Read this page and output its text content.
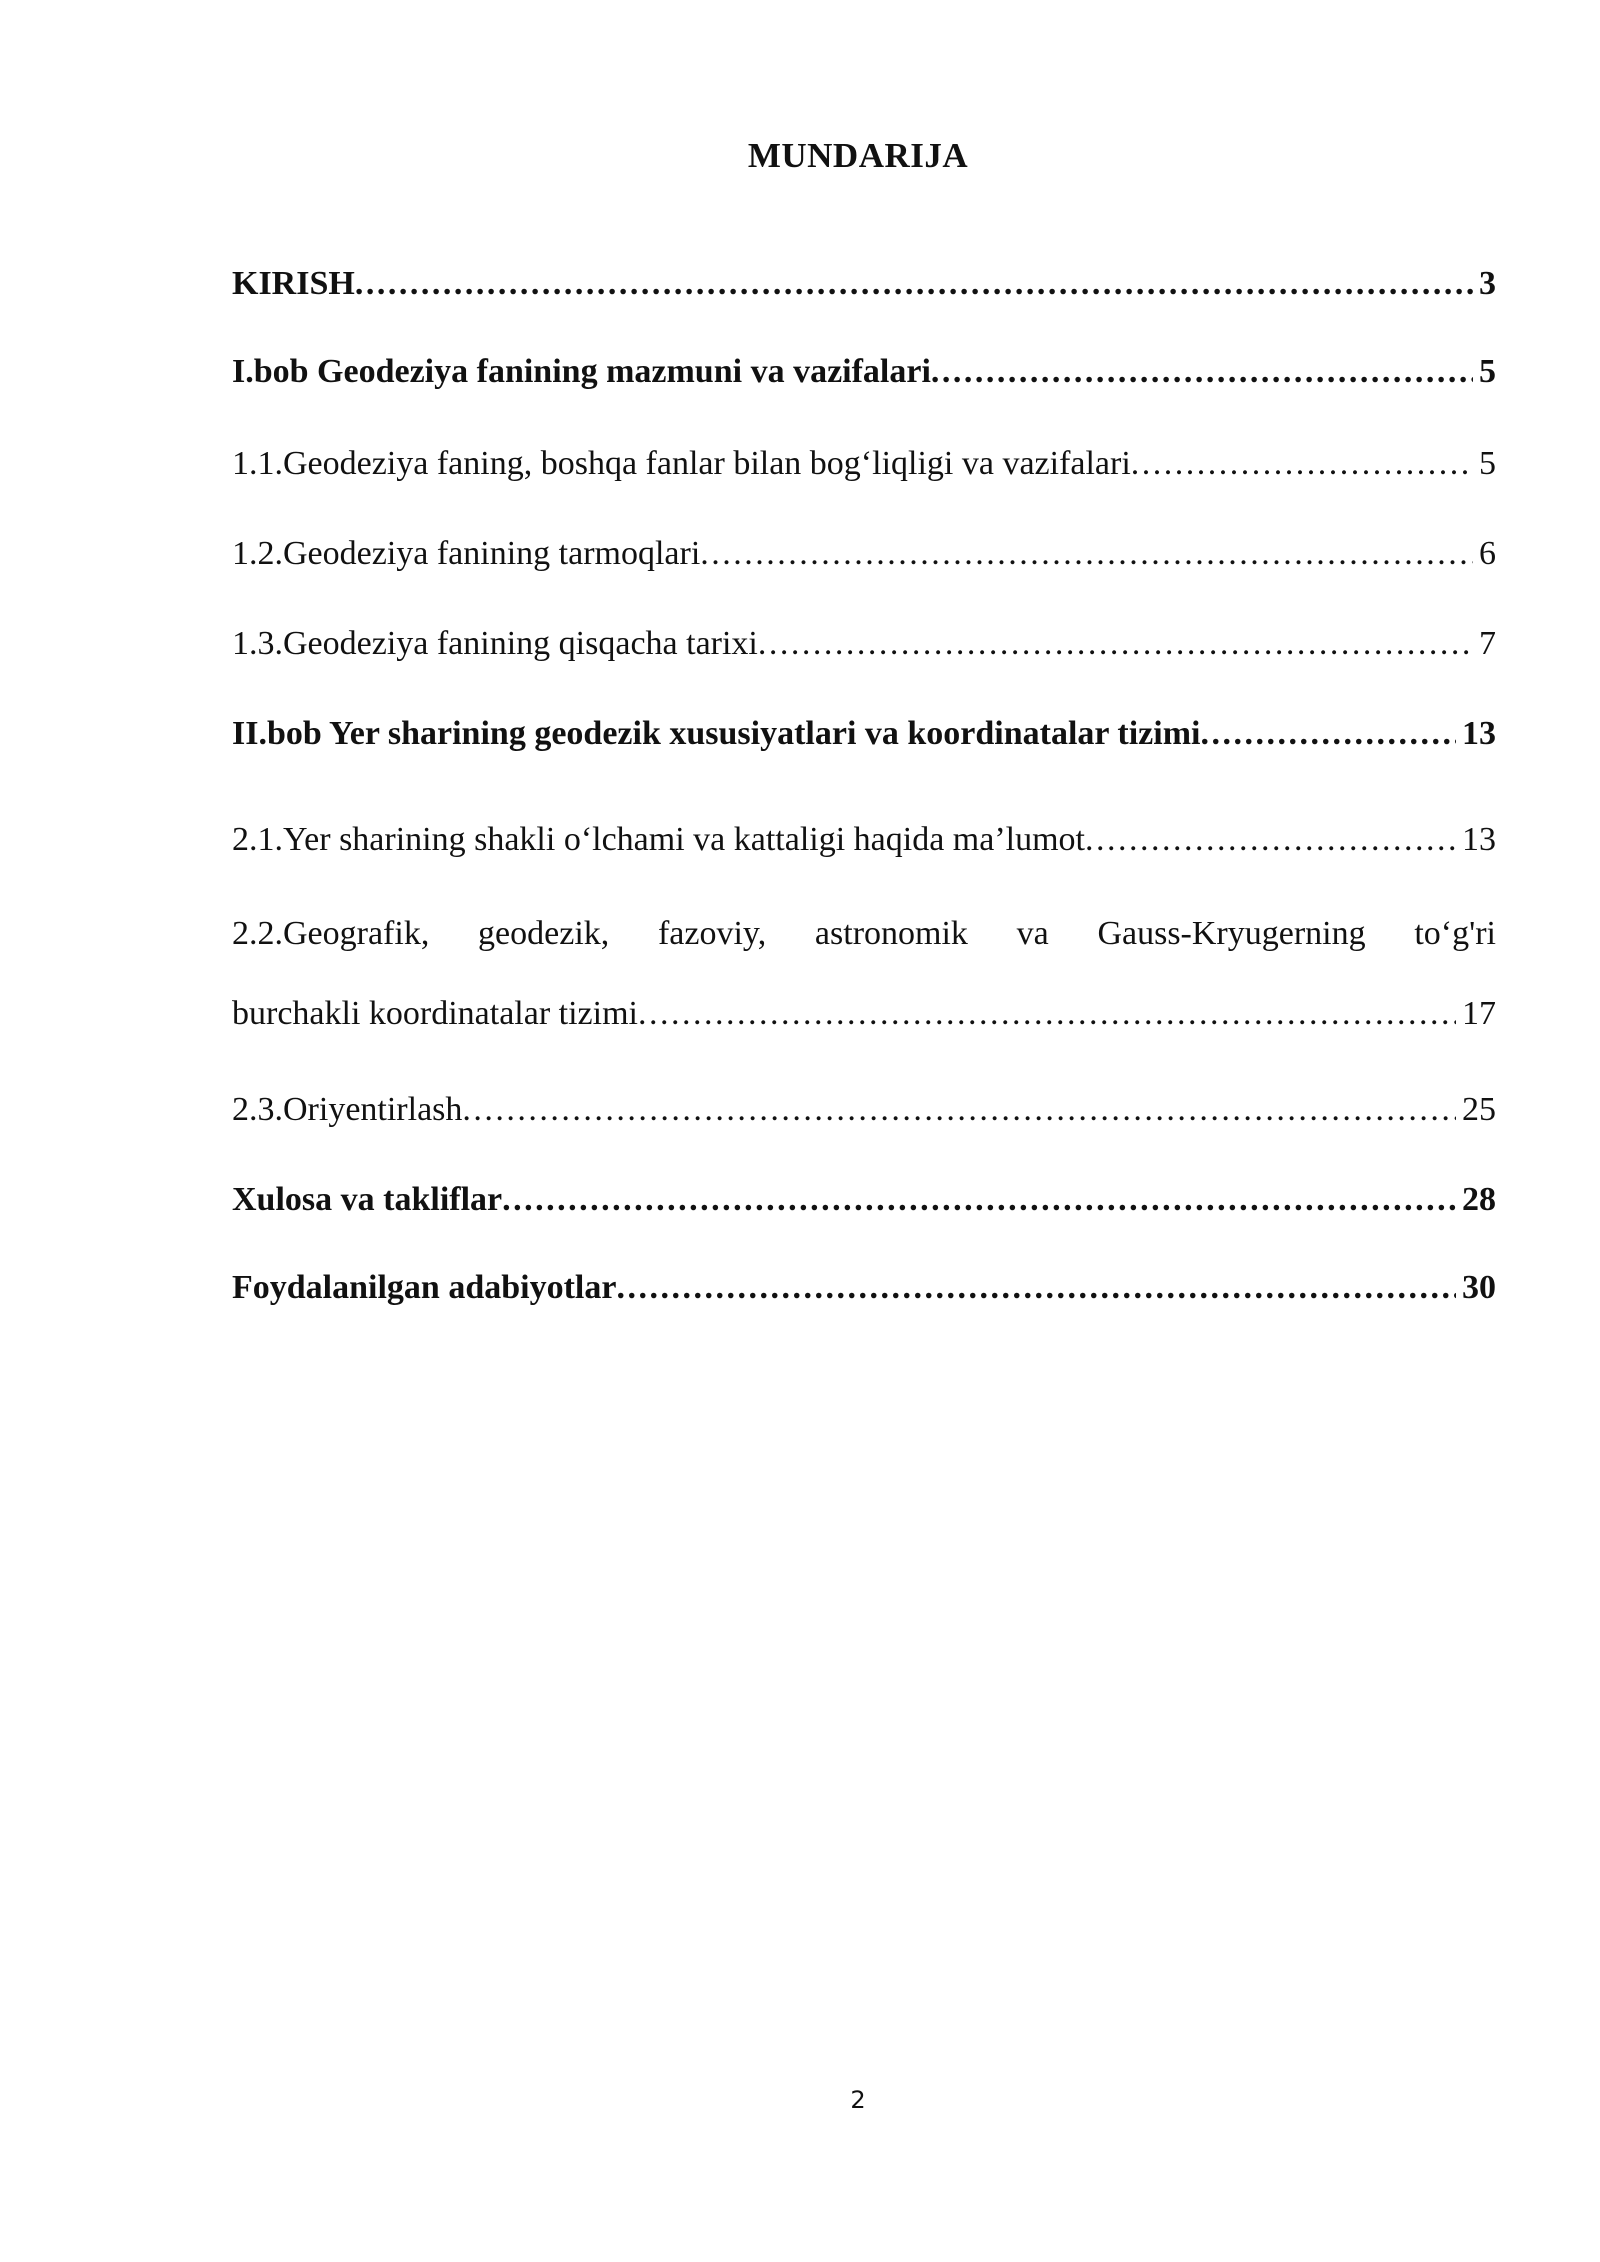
MUNDARIJA
KIRISH . . .	3
I.bob Geodeziya fanining mazmuni va vazifalari . . .	5
1.1.Geodeziya faning, boshqa fanlar bilan bog‘liqligi va vazifalari . . .	5
1.2.Geodeziya fanining tarmoqlari . . .	6
1.3.Geodeziya fanining qisqacha tarixi . . .	7
II.bob Yer sharining geodezik xususiyatlari va koordinatalar tizimi . . .	13
2.1.Yer sharining shakli o‘lchami va kattaligi haqida ma’lumot . . .	13
2.2.Geografik, geodezik, fazoviy, astronomik va Gauss-Kryugerning to‘g'ri
burchakli koordinatalar tizimi . . .	17
2.3.Oriyentirlash . . .	25
Xulosa va takliflar . . .	28
Foydalanilgan adabiyotlar . . .	30

2
